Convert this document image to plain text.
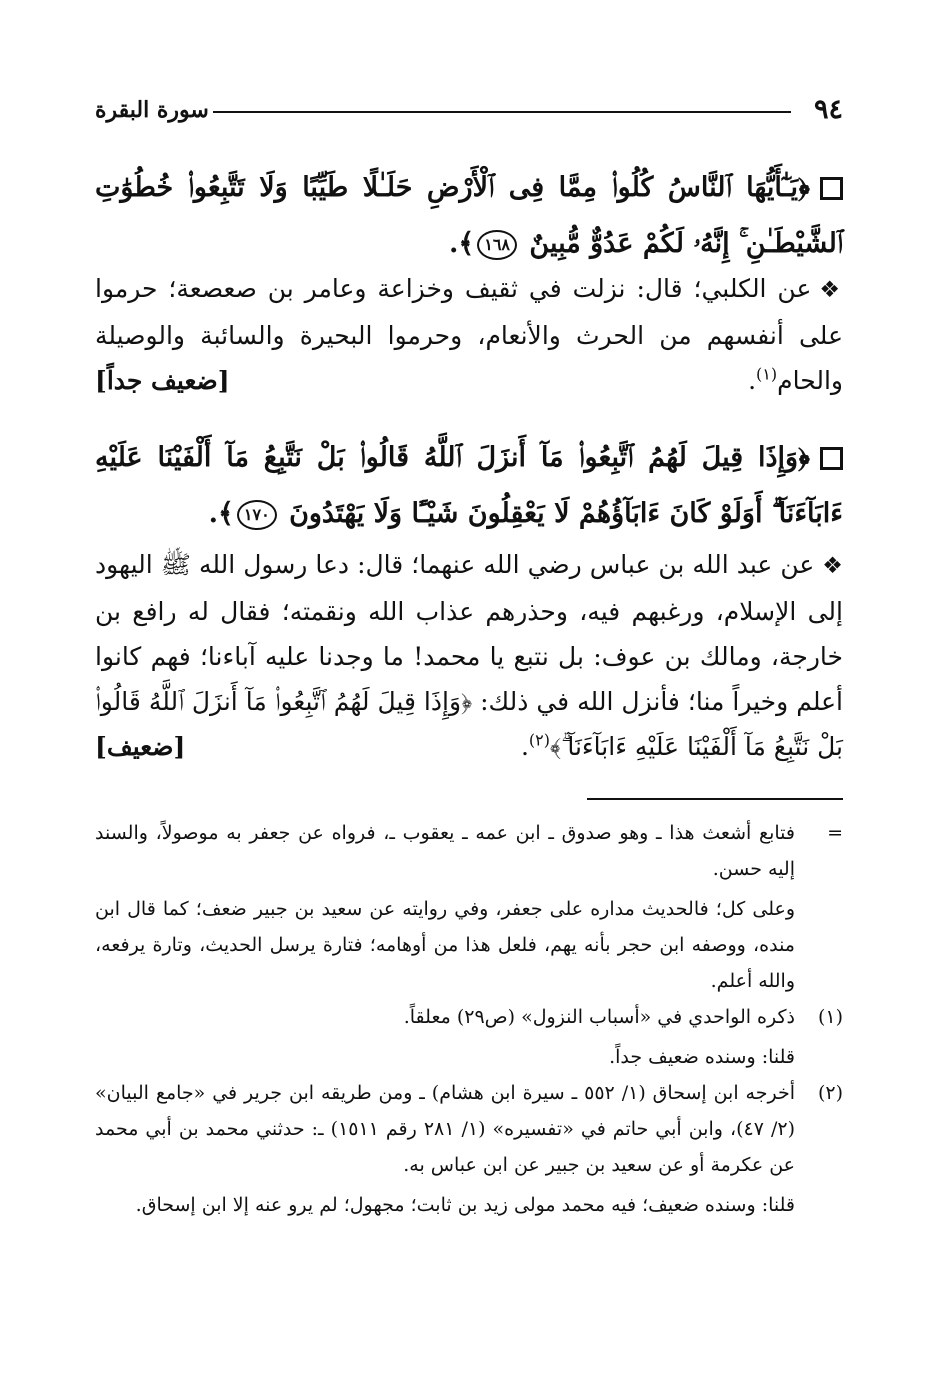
٩٤
سورة البقرة
﴿يَـٰٓأَيُّهَا ٱلنَّاسُ كُلُوا۟ مِمَّا فِى ٱلْأَرْضِ حَلَـٰلًا طَيِّبًا وَلَا تَتَّبِعُوا۟ خُطُوَٰتِ ٱلشَّيْطَـٰنِ ۚ إِنَّهُۥ لَكُمْ عَدُوٌّ مُّبِينٌ ١٦٨﴾.
❖عن الكلبي؛ قال: نزلت في ثقيف وخزاعة وعامر بن صعصعة؛ حرموا على أنفسهم من الحرث والأنعام، وحرموا البحيرة والسائبة والوصيلة والحام$^{(١)}$.
[ضعيف جداً]
﴿وَإِذَا قِيلَ لَهُمُ ٱتَّبِعُوا۟ مَآ أَنزَلَ ٱللَّهُ قَالُوا۟ بَلْ نَتَّبِعُ مَآ أَلْفَيْنَا عَلَيْهِ ءَابَآءَنَآ ۗ أَوَلَوْ كَانَ ءَابَآؤُهُمْ لَا يَعْقِلُونَ شَيْـًٔا وَلَا يَهْتَدُونَ ١٧٠﴾.
❖عن عبد الله بن عباس رضي الله عنهما؛ قال: دعا رسول الله ﷺ اليهود إلى الإسلام، ورغبهم فيه، وحذرهم عذاب الله ونقمته؛ فقال له رافع بن خارجة، ومالك بن عوف: بل نتبع يا محمد! ما وجدنا عليه آباءنا؛ فهم كانوا أعلم وخيراً منا؛ فأنزل الله في ذلك: ﴿وَإِذَا قِيلَ لَهُمُ ٱتَّبِعُوا۟ مَآ أَنزَلَ ٱللَّهُ قَالُوا۟ بَلْ نَتَّبِعُ مَآ أَلْفَيْنَا عَلَيْهِ ءَابَآءَنَآ ۗ﴾$^{(٢)}$.
[ضعيف]
=

فتابع أشعث هذا ـ وهو صدوق ـ ابن عمه ـ يعقوب ـ، فرواه عن جعفر به موصولاً، والسند إليه حسن.

وعلى كل؛ فالحديث مداره على جعفر، وفي روايته عن سعيد بن جبير ضعف؛ كما قال ابن منده، ووصفه ابن حجر بأنه يهم، فلعل هذا من أوهامه؛ فتارة يرسل الحديث، وتارة يرفعه، والله أعلم.

(١)

ذكره الواحدي في «أسباب النزول» (ص٢٩) معلقاً.

قلنا: وسنده ضعيف جداً.

(٢)

أخرجه ابن إسحاق (١/ ٥٥٢ ـ سيرة ابن هشام) ـ ومن طريقه ابن جرير في «جامع البيان» (٢/ ٤٧)، وابن أبي حاتم في «تفسيره» (١/ ٢٨١ رقم ١٥١١) ـ: حدثني محمد بن أبي محمد عن عكرمة أو عن سعيد بن جبير عن ابن عباس به.

قلنا: وسنده ضعيف؛ فيه محمد مولى زيد بن ثابت؛ مجهول؛ لم يرو عنه إلا ابن إسحاق.
